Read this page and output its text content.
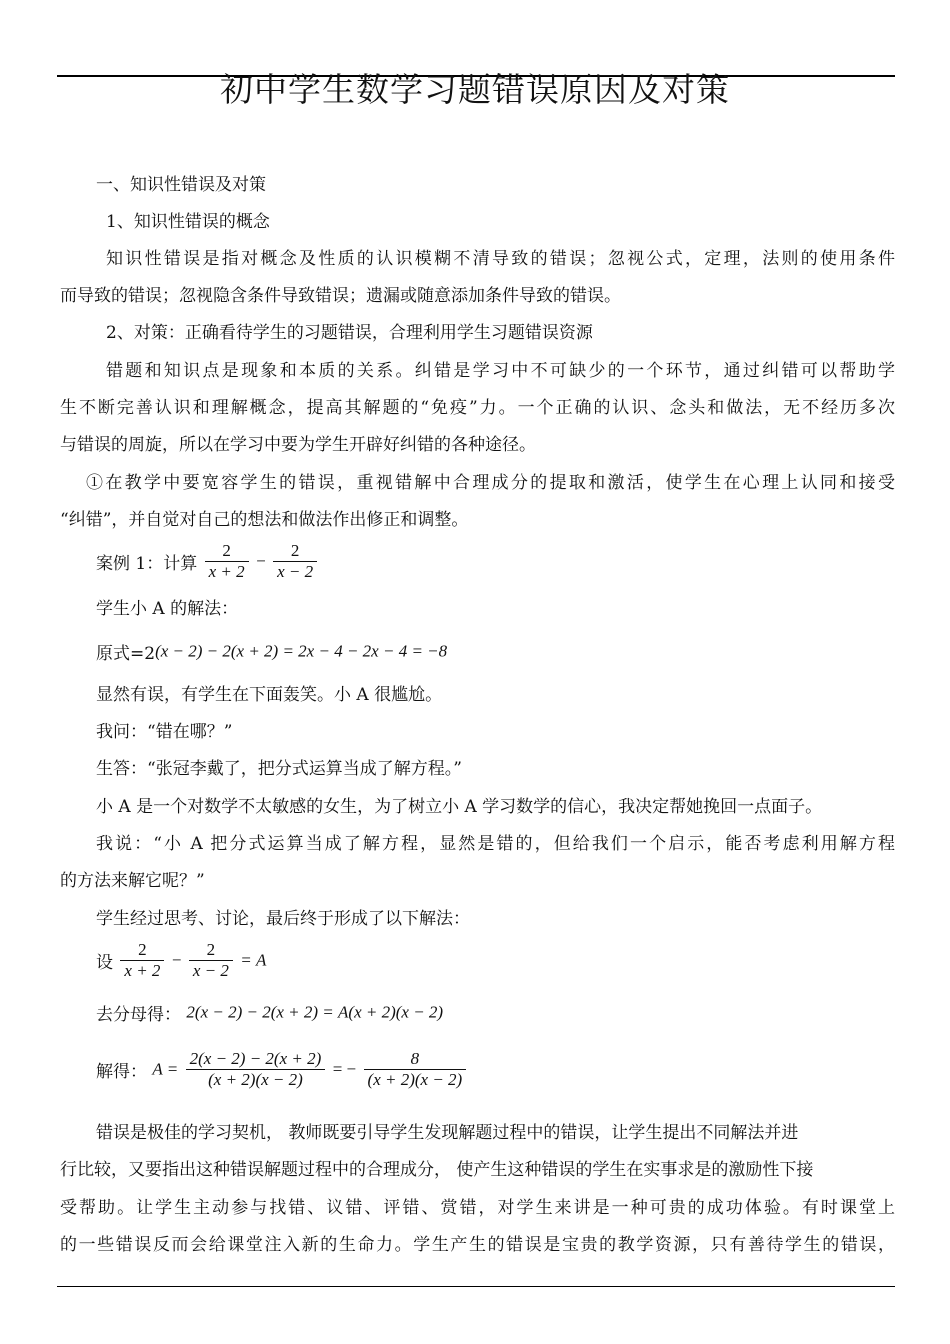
初中学生数学习题错误原因及对策
一、知识性错误及对策
1、知识性错误的概念
知识性错误是指对概念及性质的认识模糊不清导致的错误；忽视公式，定理，法则的使用条件
而导致的错误；忽视隐含条件导致错误；遗漏或随意添加条件导致的错误。
2、对策：正确看待学生的习题错误，合理利用学生习题错误资源
错题和知识点是现象和本质的关系。纠错是学习中不可缺少的一个环节，通过纠错可以帮助学
生不断完善认识和理解概念，提高其解题的“免疫”力。一个正确的认识、念头和做法，无不经历多次
与错误的周旋，所以在学习中要为学生开辟好纠错的各种途径。
①在教学中要宽容学生的错误，重视错解中合理成分的提取和激活，使学生在心理上认同和接受
“纠错”，并自觉对自己的想法和做法作出修正和调整。
案例 1：计算 $\frac{2}{x + 2} - \frac{2}{x - 2}$
学生小 A 的解法：
原式=2(x − 2) − 2(x + 2) = 2x − 4 − 2x − 4 = −8
显然有误，有学生在下面轰笑。小 A 很尴尬。
我问：“错在哪？”
生答：“张冠李戴了，把分式运算当成了解方程。”
小 A 是一个对数学不太敏感的女生，为了树立小 A 学习数学的信心，我决定帮她挽回一点面子。
我说：“小 A 把分式运算当成了解方程，显然是错的，但给我们一个启示，能否考虑利用解方程
的方法来解它呢？”
学生经过思考、讨论，最后终于形成了以下解法：
设 $\frac{2}{x + 2} - \frac{2}{x - 2} = A$
去分母得： 2(x − 2) − 2(x + 2) = A(x + 2)(x − 2)
解得： $A = \frac{2(x - 2) - 2(x + 2)}{(x + 2)(x - 2)}$ = − $\frac{8}{(x + 2)(x - 2)}$
错误是极佳的学习契机， 教师既要引导学生发现解题过程中的错误，让学生提出不同解法并进
行比较，又要指出这种错误解题过程中的合理成分， 使产生这种错误的学生在实事求是的激励性下接
受帮助。让学生主动参与找错、议错、评错、赏错，对学生来讲是一种可贵的成功体验。有时课堂上
的一些错误反而会给课堂注入新的生命力。学生产生的错误是宝贵的教学资源，只有善待学生的错误，
